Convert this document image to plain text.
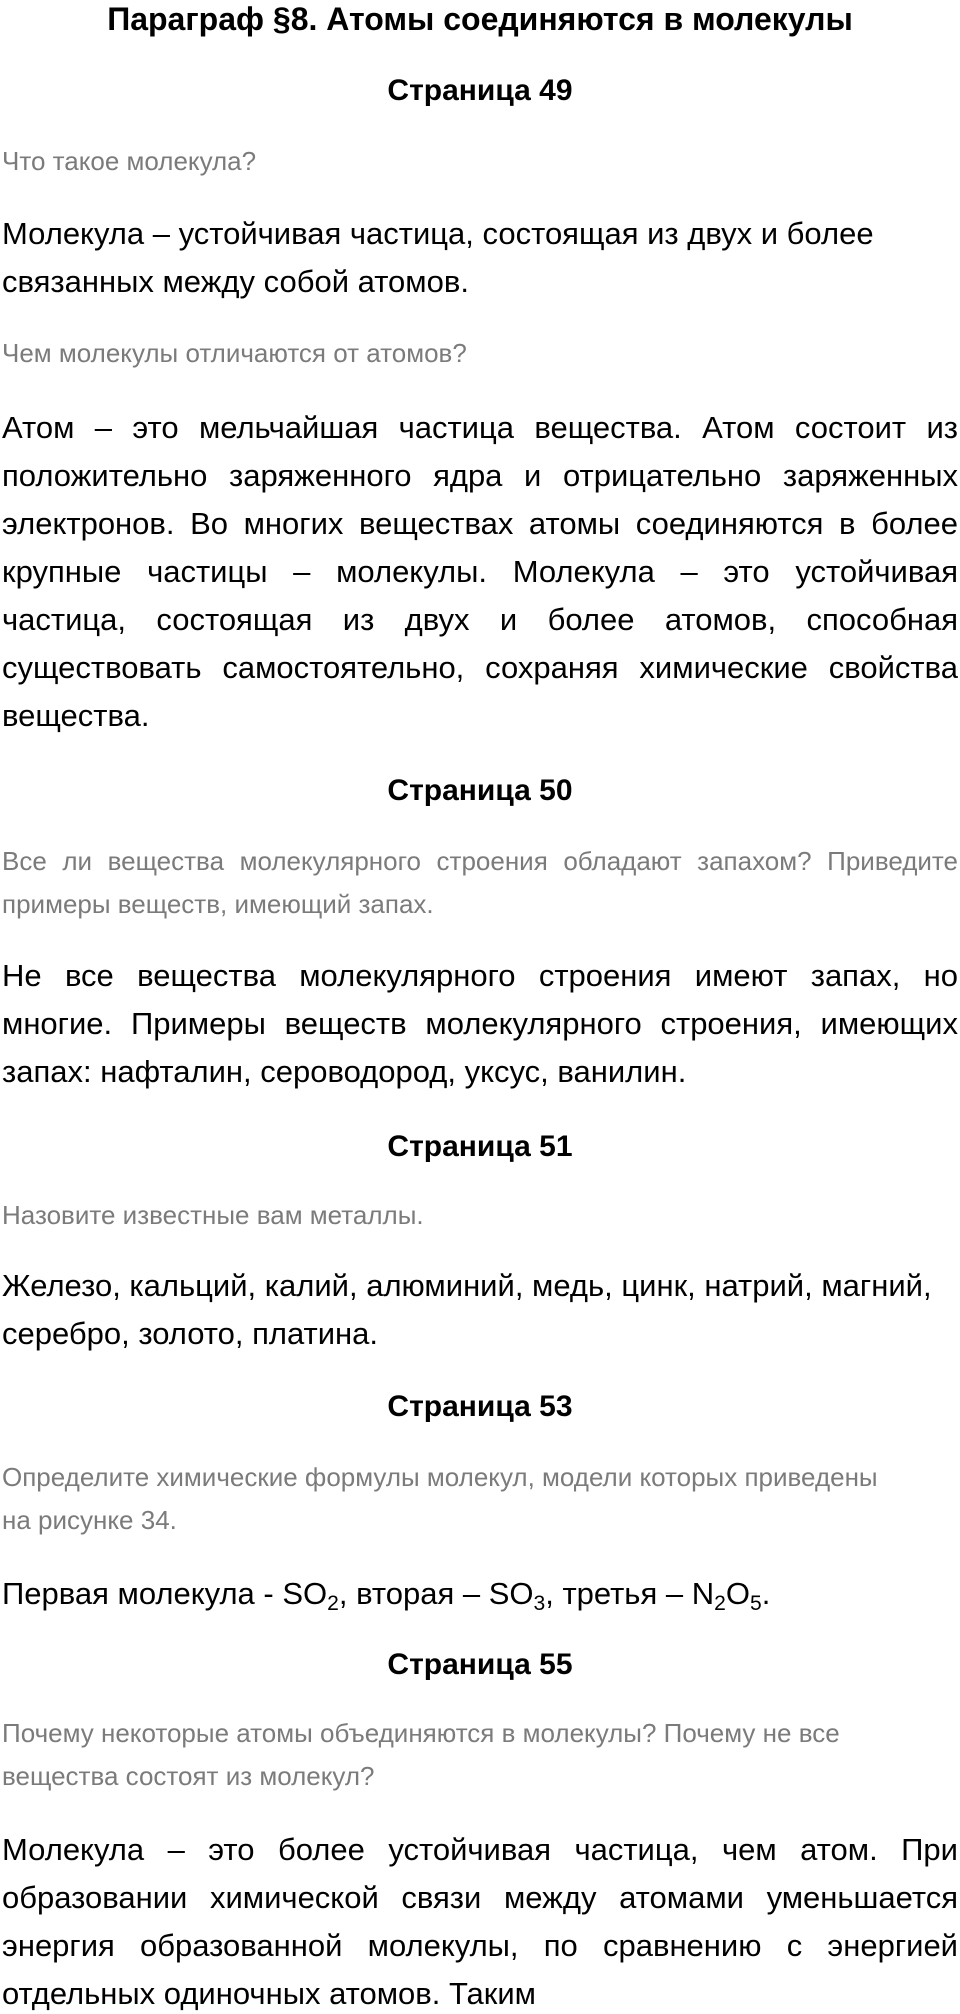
Параграф §8. Атомы соединяются в молекулы
Страница 49

Что такое молекула?

Молекула – устойчивая частица, состоящая из двух и более связанных между собой атомов.

Чем молекулы отличаются от атомов?

Атом – это мельчайшая частица вещества. Атом состоит из положительно заряженного ядра и отрицательно заряженных электронов. Во многих веществах атомы соединяются в более крупные частицы – молекулы. Молекула – это устойчивая частица, состоящая из двух и более атомов, способная существовать самостоятельно, сохраняя химические свойства вещества.

Страница 50

Все ли вещества молекулярного строения обладают запахом? Приведите примеры веществ, имеющий запах.

Не все вещества молекулярного строения имеют запах, но многие. Примеры веществ молекулярного строения, имеющих запах: нафталин, сероводород, уксус, ванилин.

Страница 51

Назовите известные вам металлы.

Железо, кальций, калий, алюминий, медь, цинк, натрий, магний, серебро, золото, платина.

Страница 53

Определите химические формулы молекул, модели которых приведены на рисунке 34.

Первая молекула - $SO_2$, вторая – $SO_3$, третья – $N_2O_5$.

Страница 55

Почему некоторые атомы объединяются в молекулы? Почему не все вещества состоят из молекул?

Молекула – это более устойчивая частица, чем атом. При образовании химической связи между атомами уменьшается энергия образованной молекулы, по сравнению с энергией отдельных одиночных атомов. Таким
